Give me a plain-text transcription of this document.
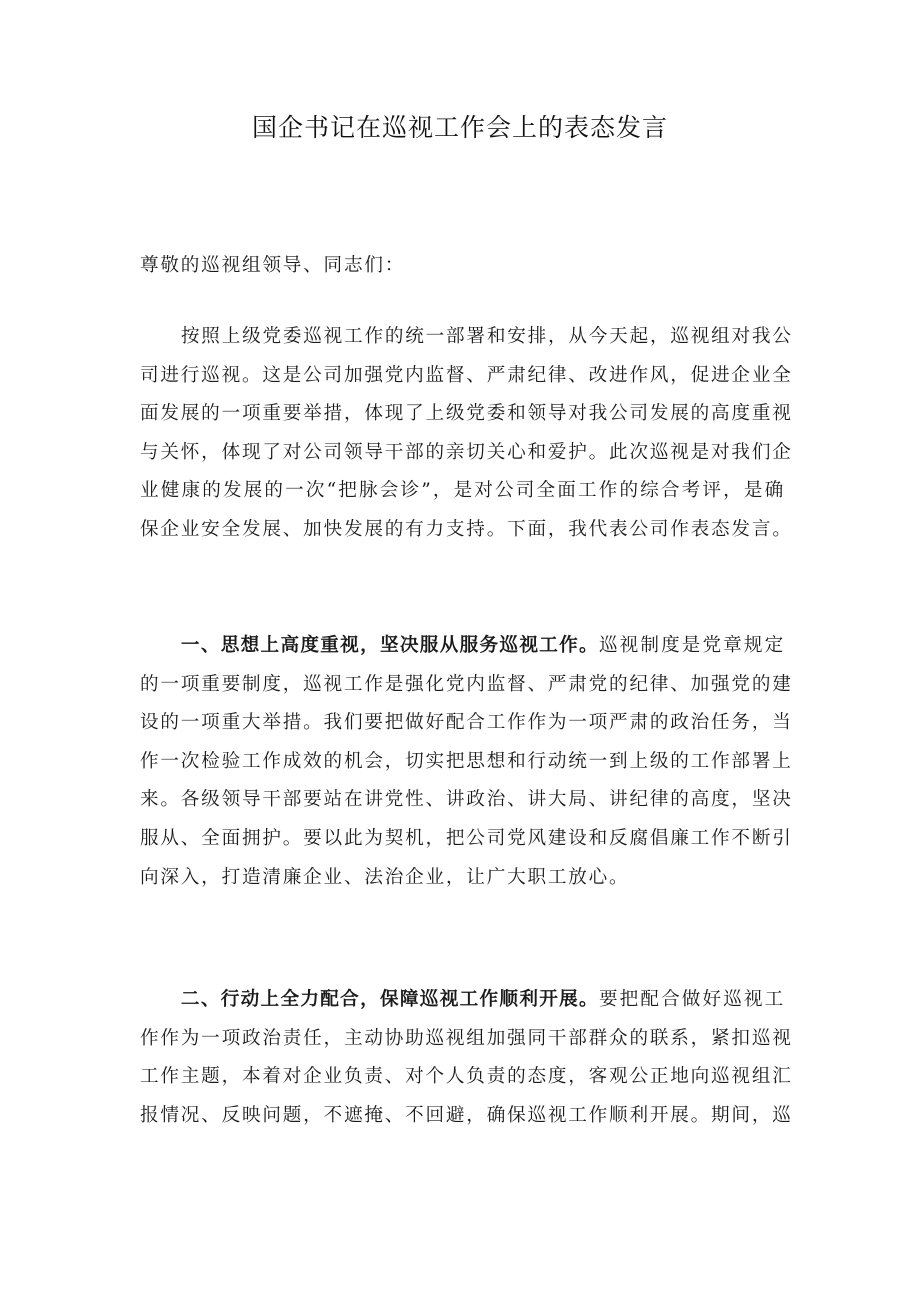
国企书记在巡视工作会上的表态发言
尊敬的巡视组领导、同志们：
按照上级党委巡视工作的统一部署和安排，从今天起，巡视组对我公
司进行巡视。这是公司加强党内监督、严肃纪律、改进作风，促进企业全
面发展的一项重要举措，体现了上级党委和领导对我公司发展的高度重视
与关怀，体现了对公司领导干部的亲切关心和爱护。此次巡视是对我们企
业健康的发展的一次“把脉会诊”，是对公司全面工作的综合考评，是确
保企业安全发展、加快发展的有力支持。下面，我代表公司作表态发言。
一、思想上高度重视，坚决服从服务巡视工作。巡视制度是党章规定
的一项重要制度，巡视工作是强化党内监督、严肃党的纪律、加强党的建
设的一项重大举措。我们要把做好配合工作作为一项严肃的政治任务，当
作一次检验工作成效的机会，切实把思想和行动统一到上级的工作部署上
来。各级领导干部要站在讲党性、讲政治、讲大局、讲纪律的高度，坚决
服从、全面拥护。要以此为契机，把公司党风建设和反腐倡廉工作不断引
向深入，打造清廉企业、法治企业，让广大职工放心。
二、行动上全力配合，保障巡视工作顺利开展。要把配合做好巡视工
作作为一项政治责任，主动协助巡视组加强同干部群众的联系，紧扣巡视
工作主题，本着对企业负责、对个人负责的态度，客观公正地向巡视组汇
报情况、反映问题，不遮掩、不回避，确保巡视工作顺利开展。期间，巡
